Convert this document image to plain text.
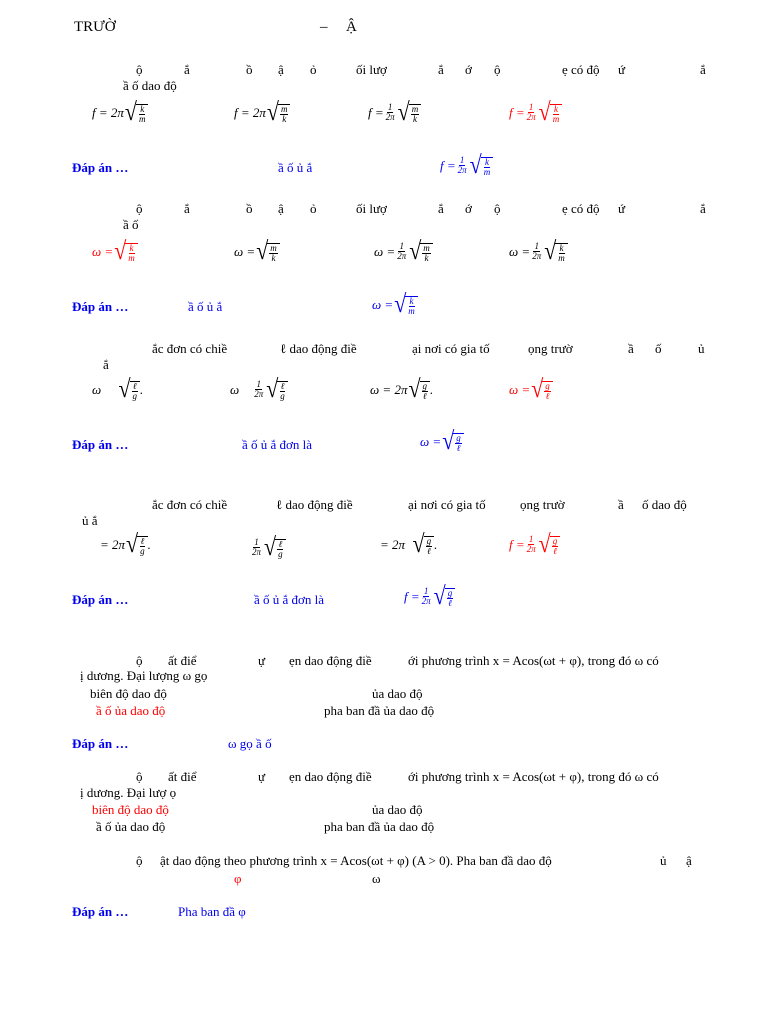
TRƯỜ	– Ậ
ộ	ắ	ồ ậ ỏ	ối lượ	ắ ớ ộ	ẹ có độ ứ	ắ
ầ ố dao độ
f = 2π √ $\frac{k}{m}$	f = 2π √ $\frac{m}{k}$	$f = \frac{1}{2\pi}$ √ $\frac{m}{k}$	$f = \frac{1}{2\pi}$ √ $\frac{k}{m}$
Đáp án …	ầ ố ủ ắ	$f = \frac{1}{2\pi}$ √ $\frac{k}{m}$
ộ	ắ	ồ ậ ỏ	ối lượ	ắ ớ ộ	ẹ có độ ứ	ắ
ầ ố
ω = √ $\frac{k}{m}$	ω = √ $\frac{m}{k}$	$\omega = \frac{1}{2\pi}$ √ $\frac{m}{k}$	$\omega = \frac{1}{2\pi}$ √ $\frac{k}{m}$
Đáp án …	ầ ố ủ ắ	ω = √ $\frac{k}{m}$
ắc đơn có chiề	ℓ dao động điề	ại nơi có gia tố	ọng trườ	ầ ố	ủ
ắ
ω
√ $\frac{\text{ℓ}}{g}$ .	ω
$\frac{1}{2\pi}$ √ $\frac{\text{ℓ}}{g}$	ω = 2π √ $\frac{g}{\text{ℓ}}$ .	ω = √ $\frac{g}{\text{ℓ}}$
Đáp án …	ầ ố ủ ắ đơn là	ω = √ $\frac{g}{\text{ℓ}}$
ắc đơn có chiề	ℓ dao động điề	ại nơi có gia tố	ọng trườ	ầ ố dao độ
ủ ắ
= 2π √ $\frac{\text{ℓ}}{g}$ .	$\frac{1}{2\pi}$ √ $\frac{\text{ℓ}}{g}$	= 2π
√ $\frac{g}{\text{ℓ}}$ .	$f = \frac{1}{2\pi}$ √ $\frac{g}{\text{ℓ}}$
Đáp án …	ầ ố ủ ắ đơn là	$f = \frac{1}{2\pi}$ √ $\frac{g}{\text{ℓ}}$
ộ ất điể	ự ẹn dao động điề	ới phương trình x = Acos(ωt + φ), trong đó ω có
ị dương. Đại lượng ω gọ
biên độ dao độ	ủa dao độ
ầ ố ủa dao độ	pha ban đầ ủa dao độ
Đáp án …	ω gọ ầ ố
ộ ất điể	ự ẹn dao động điề	ới phương trình x = Acos(ωt + φ), trong đó ω có
ị dương. Đại lượ ọ
biên độ dao độ	ủa dao độ
ầ ố ủa dao độ	pha ban đầ ủa dao độ
ộ ật dao động theo phương trình x = Acos(ωt + φ) (A > 0). Pha ban đầ dao độ	ủ ậ
φ	ω
Đáp án …	Pha ban đầ φ
